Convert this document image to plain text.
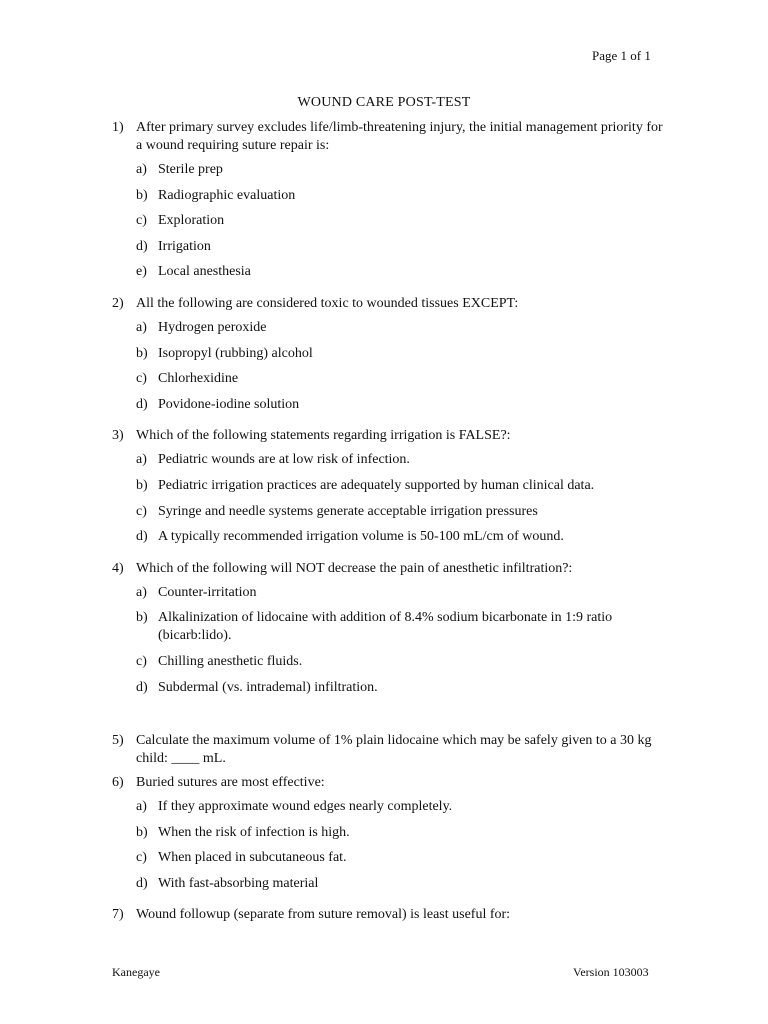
Page 1 of 1
WOUND CARE POST-TEST
1) After primary survey excludes life/limb-threatening injury, the initial management priority for a wound requiring suture repair is:

a) Sterile prep
b) Radiographic evaluation
c) Exploration
d) Irrigation
e) Local anesthesia
2) All the following are considered toxic to wounded tissues EXCEPT:

a) Hydrogen peroxide
b) Isopropyl (rubbing) alcohol
c) Chlorhexidine
d) Povidone-iodine solution
3) Which of the following statements regarding irrigation is FALSE?:

a) Pediatric wounds are at low risk of infection.
b) Pediatric irrigation practices are adequately supported by human clinical data.
c) Syringe and needle systems generate acceptable irrigation pressures
d) A typically recommended irrigation volume is 50-100 mL/cm of wound.
4) Which of the following will NOT decrease the pain of anesthetic infiltration?:

a) Counter-irritation
b) Alkalinization of lidocaine with addition of 8.4% sodium bicarbonate in 1:9 ratio (bicarb:lido).
c) Chilling anesthetic fluids.
d) Subdermal (vs. intrademal) infiltration.
5) Calculate the maximum volume of 1% plain lidocaine which may be safely given to a 30 kg child: ____ mL.

6) Buried sutures are most effective:

a) If they approximate wound edges nearly completely.
b) When the risk of infection is high.
c) When placed in subcutaneous fat.
d) With fast-absorbing material
7) Wound followup (separate from suture removal) is least useful for:

Kanegaye	Version 103003
